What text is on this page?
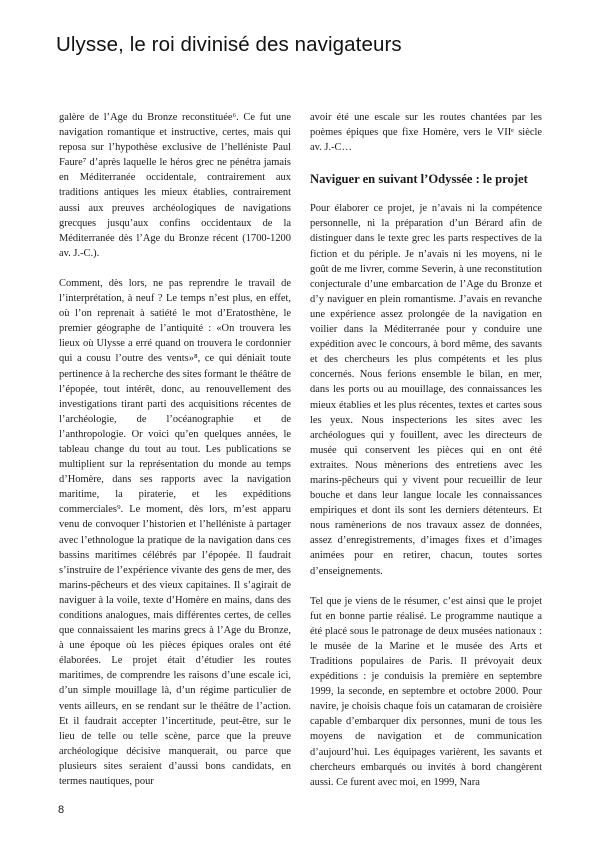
Ulysse, le roi divinisé des navigateurs

galère de l’Age du Bronze reconstituée⁶. Ce fut une navigation romantique et instructive, certes, mais qui reposa sur l’hypothèse exclusive de l’helléniste Paul Faure⁷ d’après laquelle le héros grec ne pénétra jamais en Méditerranée occidentale, contrairement aux traditions antiques les mieux établies, contrairement aussi aux preuves archéologiques de navigations grecques jusqu’aux confins occidentaux de la Méditerranée dès l’Age du Bronze récent (1700-1200 av. J.-C.).

Comment, dès lors, ne pas reprendre le travail de l’interprétation, à neuf ? Le temps n’est plus, en effet, où l’on reprenait à satiété le mot d’Eratosthène, le premier géographe de l’antiquité : «On trouvera les lieux où Ulysse a erré quand on trouvera le cordonnier qui a cousu l’outre des vents»⁸, ce qui déniait toute pertinence à la recherche des sites formant le théâtre de l’épopée, tout intérêt, donc, au renouvellement des investigations tirant parti des acquisitions récentes de l’archéologie, de l’océanographie et de l’anthropologie. Or voici qu’en quelques années, le tableau change du tout au tout. Les publications se multiplient sur la représentation du monde au temps d’Homère, dans ses rapports avec la navigation maritime, la piraterie, et les expéditions commerciales⁹. Le moment, dès lors, m’est apparu venu de convoquer l’historien et l’helléniste à partager avec l’ethnologue la pratique de la navigation dans ces bassins maritimes célébrés par l’épopée. Il faudrait s’instruire de l’expérience vivante des gens de mer, des marins-pêcheurs et des vieux capitaines. Il s’agirait de naviguer à la voile, texte d’Homère en mains, dans des conditions analogues, mais différentes certes, de celles que connaissaient les marins grecs à l’Age du Bronze, à une époque où les pièces épiques orales ont été élaborées. Le projet était d’étudier les routes maritimes, de comprendre les raisons d’une escale ici, d’un simple mouillage là, d’un régime particulier de vents ailleurs, en se rendant sur le théâtre de l’action. Et il faudrait accepter l’incertitude, peut-être, sur le lieu de telle ou telle scène, parce que la preuve archéologique décisive manquerait, ou parce que plusieurs sites seraient d’aussi bons candidats, en termes nautiques, pour

avoir été une escale sur les routes chantées par les poèmes épiques que fixe Homère, vers le VIIᵉ siècle av. J.-C…

Naviguer en suivant l’Odyssée : le projet

Pour élaborer ce projet, je n’avais ni la compétence personnelle, ni la préparation d’un Bérard afin de distinguer dans le texte grec les parts respectives de la fiction et du périple. Je n’avais ni les moyens, ni le goût de me livrer, comme Severin, à une reconstitution conjecturale d’une embarcation de l’Age du Bronze et d’y naviguer en plein romantisme. J’avais en revanche une expérience assez prolongée de la navigation en voilier dans la Méditerranée pour y conduire une expédition avec le concours, à bord même, des savants et des chercheurs les plus compétents et les plus concernés. Nous ferions ensemble le bilan, en mer, dans les ports ou au mouillage, des connaissances les mieux établies et les plus récentes, textes et cartes sous les yeux. Nous inspecterions les sites avec les archéologues qui y fouillent, avec les directeurs de musée qui conservent les pièces qui en ont été extraites. Nous mènerions des entretiens avec les marins-pêcheurs qui y vivent pour recueillir de leur bouche et dans leur langue locale les connaissances empiriques et dont ils sont les derniers détenteurs. Et nous ramènerions de nos travaux assez de données, assez d’enregistrements, d’images fixes et d’images animées pour en retirer, chacun, toutes sortes d’enseignements.

Tel que je viens de le résumer, c’est ainsi que le projet fut en bonne partie réalisé. Le programme nautique a été placé sous le patronage de deux musées nationaux : le musée de la Marine et le musée des Arts et Traditions populaires de Paris. Il prévoyait deux expéditions : je conduisis la première en septembre 1999, la seconde, en septembre et octobre 2000. Pour navire, je choisis chaque fois un catamaran de croisière capable d’embarquer dix personnes, muni de tous les moyens de navigation et de communication d’aujourd’hui. Les équipages varièrent, les savants et chercheurs embarqués ou invités à bord changèrent aussi. Ce furent avec moi, en 1999, Nara

8
